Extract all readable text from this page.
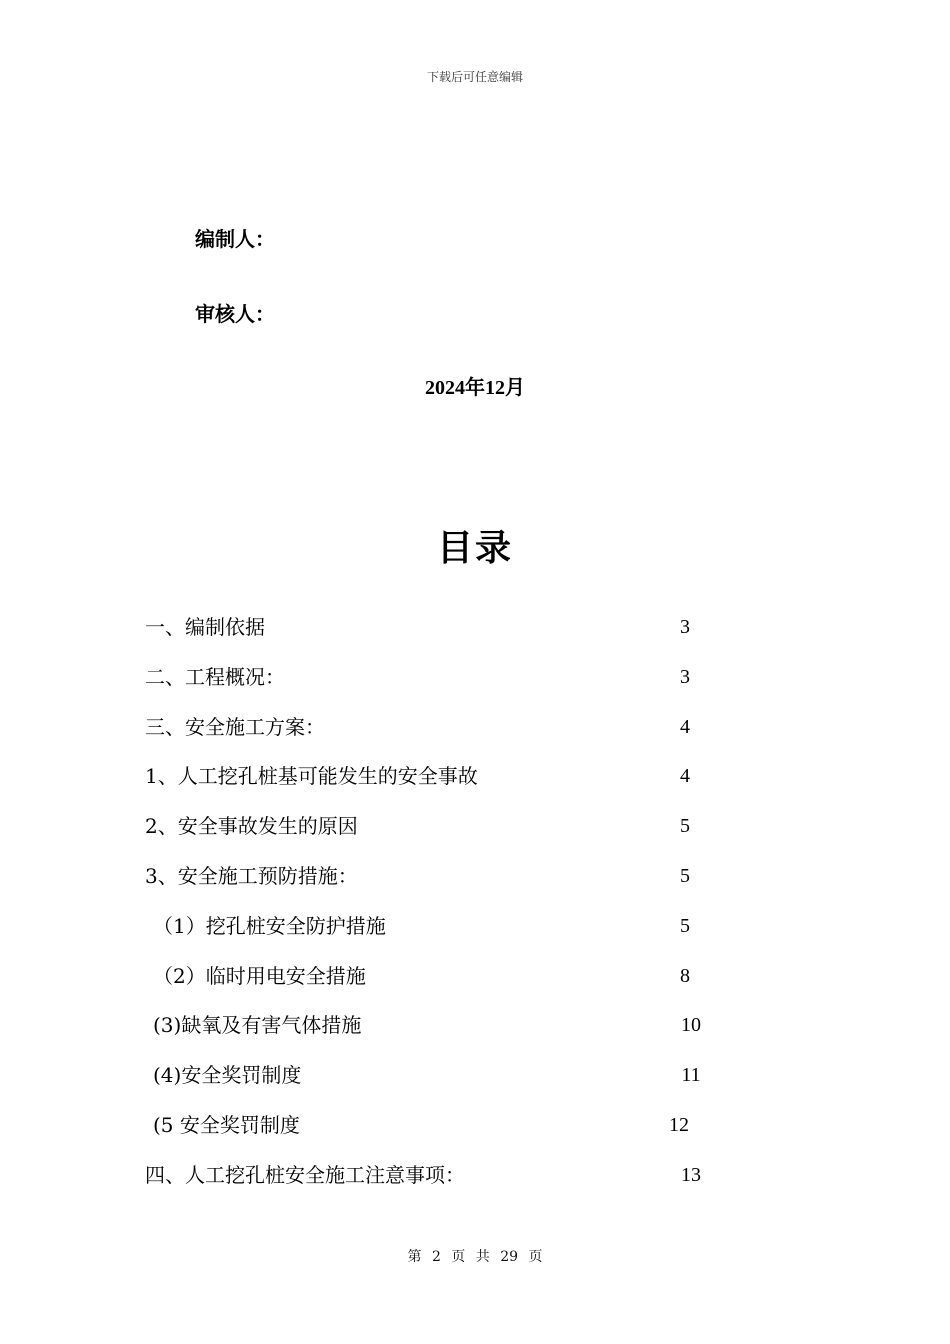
下载后可任意编辑
编制人：
审核人：
2024年12月
目录
一、编制依据	3
二、工程概况：	3
三、安全施工方案：	4
1、人工挖孔桩基可能发生的安全事故	4
2、安全事故发生的原因	5
3、安全施工预防措施：	5
（1）挖孔桩安全防护措施	5
（2）临时用电安全措施	8
(3)缺氧及有害气体措施	10
(4)安全奖罚制度	11
(5 安全奖罚制度	12
四、人工挖孔桩安全施工注意事项：	13
第 2 页 共 29 页
